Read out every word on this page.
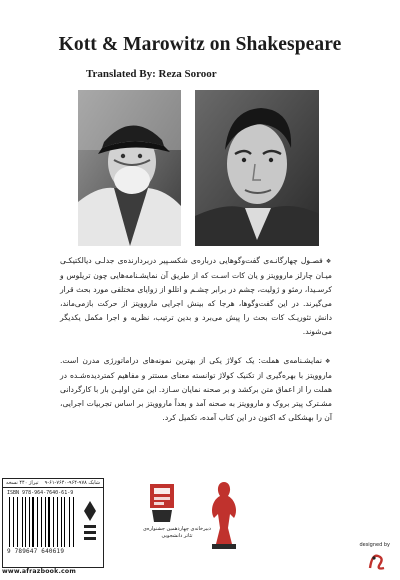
Kott & Marowitz on Shakespeare
Translated By: Reza Soroor
❖فصـول چهارگانـه‌ی گفت‌وگوهایی درباره‌ی شکسـپیر دربردارنده‌ی جدلـی دیالکتیکـی میـان چارلز ماروویتز و یان کات اسـت که از طریق آن نمایشـنامه‌هایی چون تریلوس و کرسـیدا، رمئو و ژولیت، چشم در برابر چشـم و اتللو از زوایای مختلفی مورد بحث قرار می‌گیرند. در این گفت‌وگوها، هرجا که بینش اجرایی ماروویتز از حرکت بازمی‌ماند، دانش تئوریـک کات بحث را پیش می‌برد و بدین ترتیب، نظریه و اجرا مکمل یکدیگر می‌شوند.
❖نمایشـنامه‌ی هملت: یک کولاژ یکی از بهترین نمونه‌های دراماتورژی مدرن است. ماروویتز با بهره‌گیری از تکنیک کولاژ توانسته معنای مستتر و مفاهیم کمتردیده‌شـده در هملت را از اعماق متن برکشد و بر صحنه نمایان سـازد. این متن اولیـن بار با کارگردانی مشـترک پیتر بروک و ماروویتز به صحنه آمد و بعداً ماروویتز بر اساس تجربیات اجرایی، آن را بهشکلی که اکنون در این کتاب آمده، تکمیل کرد.
تیراژ ۴۴۰ نسخه شابک ۹۷۸-۹۶۴-۷۶۴۰-۶۱-۹
ISBN 978-964-7640-61-9
9 789647 640619
www.afrazbook.com
دبیرخانه‌ی چهاردهمین جشنواره‌ی تئاتر دانشجویی
designed by
